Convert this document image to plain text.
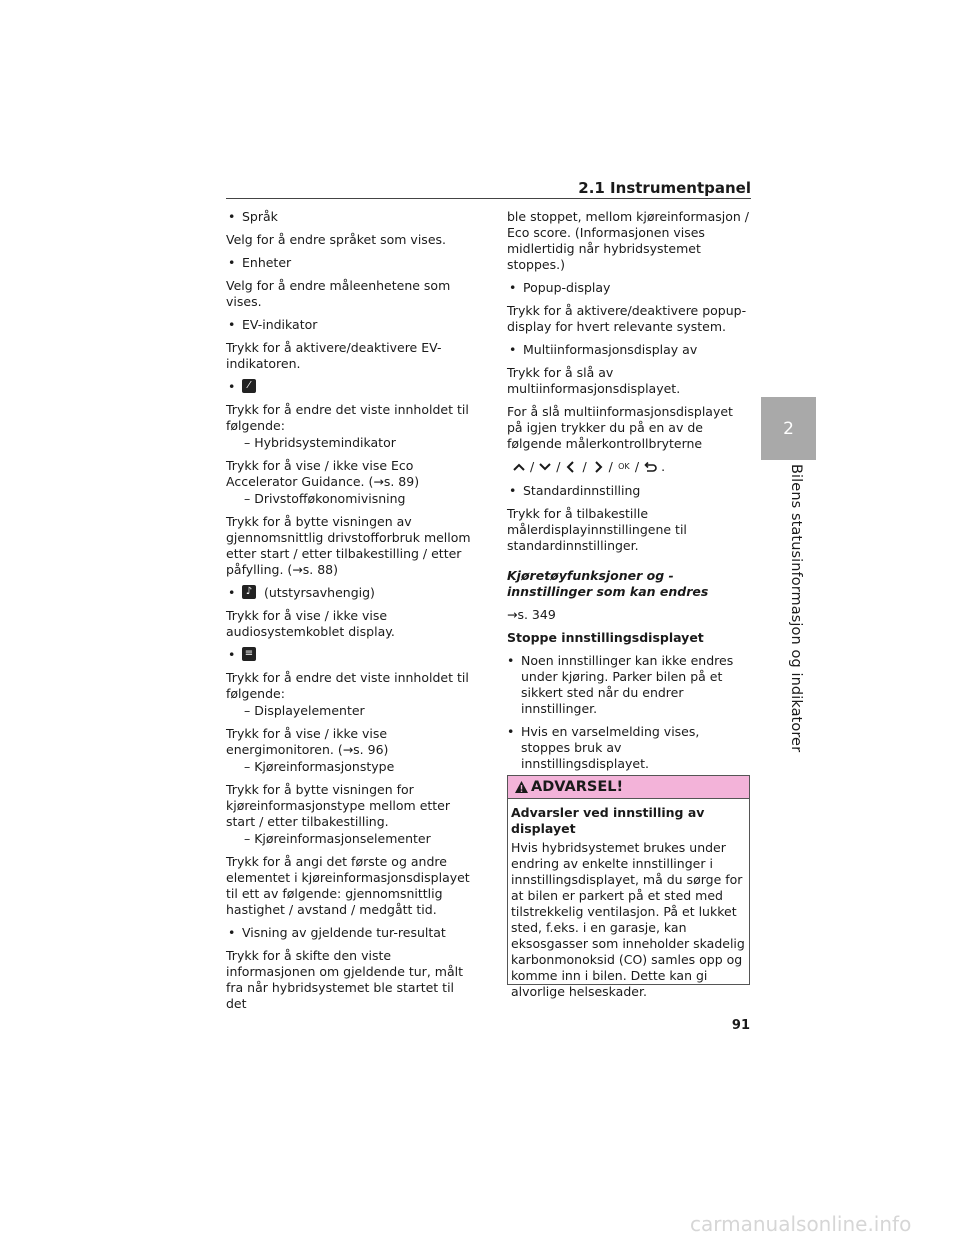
2.1 Instrumentpanel
2
Bilens statusinformasjon og indikatorer

• Språk

Velg for å endre språket som vises.

• Enheter

Velg for å endre måleenhetene som vises.

• EV-indikator

Trykk for å aktivere/deaktivere EV-indikatoren.

•	⁄

Trykk for å endre det viste innholdet til følgende:

– Hybridsystemindikator

Trykk for å vise / ikke vise Eco Accelerator Guidance. (→s. 89)

– Drivstofføkonomivisning

Trykk for å bytte visningen av gjennomsnittlig drivstofforbruk mellom etter start / etter tilbakestilling / etter påfylling. (→s. 88)

•	♪ (utstyrsavhengig)

Trykk for å vise / ikke vise audiosystemkoblet display.

• ≡

Trykk for å endre det viste innholdet til følgende:

– Displayelementer

Trykk for å vise / ikke vise energimonitoren. (→s. 96)

– Kjøreinformasjonstype

Trykk for å bytte visningen for kjøreinformasjonstype mellom etter start / etter tilbakestilling.

– Kjøreinformasjonselementer

Trykk for å angi det første og andre elementet i kjøreinformasjonsdisplayet til ett av følgende: gjennomsnittlig hastighet / avstand / medgått tid.

• Visning av gjeldende tur-resultat

Trykk for å skifte den viste informasjonen om gjeldende tur, målt fra når hybridsystemet ble startet til det

ble stoppet, mellom kjøreinformasjon / Eco score. (Informasjonen vises midlertidig når hybridsystemet stoppes.)

• Popup-display

Trykk for å aktivere/deaktivere popup-display for hvert relevante system.

• Multiinformasjonsdisplay av

Trykk for å slå av multiinformasjonsdisplayet.

For å slå multiinformasjonsdisplayet på igjen trykker du på en av de følgende målerkontrollbryterne

/ / / / OK / .

• Standardinnstilling

Trykk for å tilbakestille målerdisplayinnstillingene til standardinnstillinger.

Kjøretøyfunksjoner og -innstillinger som kan endres

→s. 349

Stoppe innstillingsdisplayet

• Noen innstillinger kan ikke endres under kjøring. Parker bilen på et sikkert sted når du endrer innstillinger.

• Hvis en varselmelding vises, stoppes bruk av innstillingsdisplayet.

ADVARSEL!

Advarsler ved innstilling av displayet

Hvis hybridsystemet brukes under endring av enkelte innstillinger i innstillingsdisplayet, må du sørge for at bilen er parkert på et sted med tilstrekkelig ventilasjon. På et lukket sted, f.eks. i en garasje, kan eksosgasser som inneholder skadelig karbonmonoksid (CO) samles opp og komme inn i bilen. Dette kan gi alvorlige helseskader.

91
carmanualsonline.info
